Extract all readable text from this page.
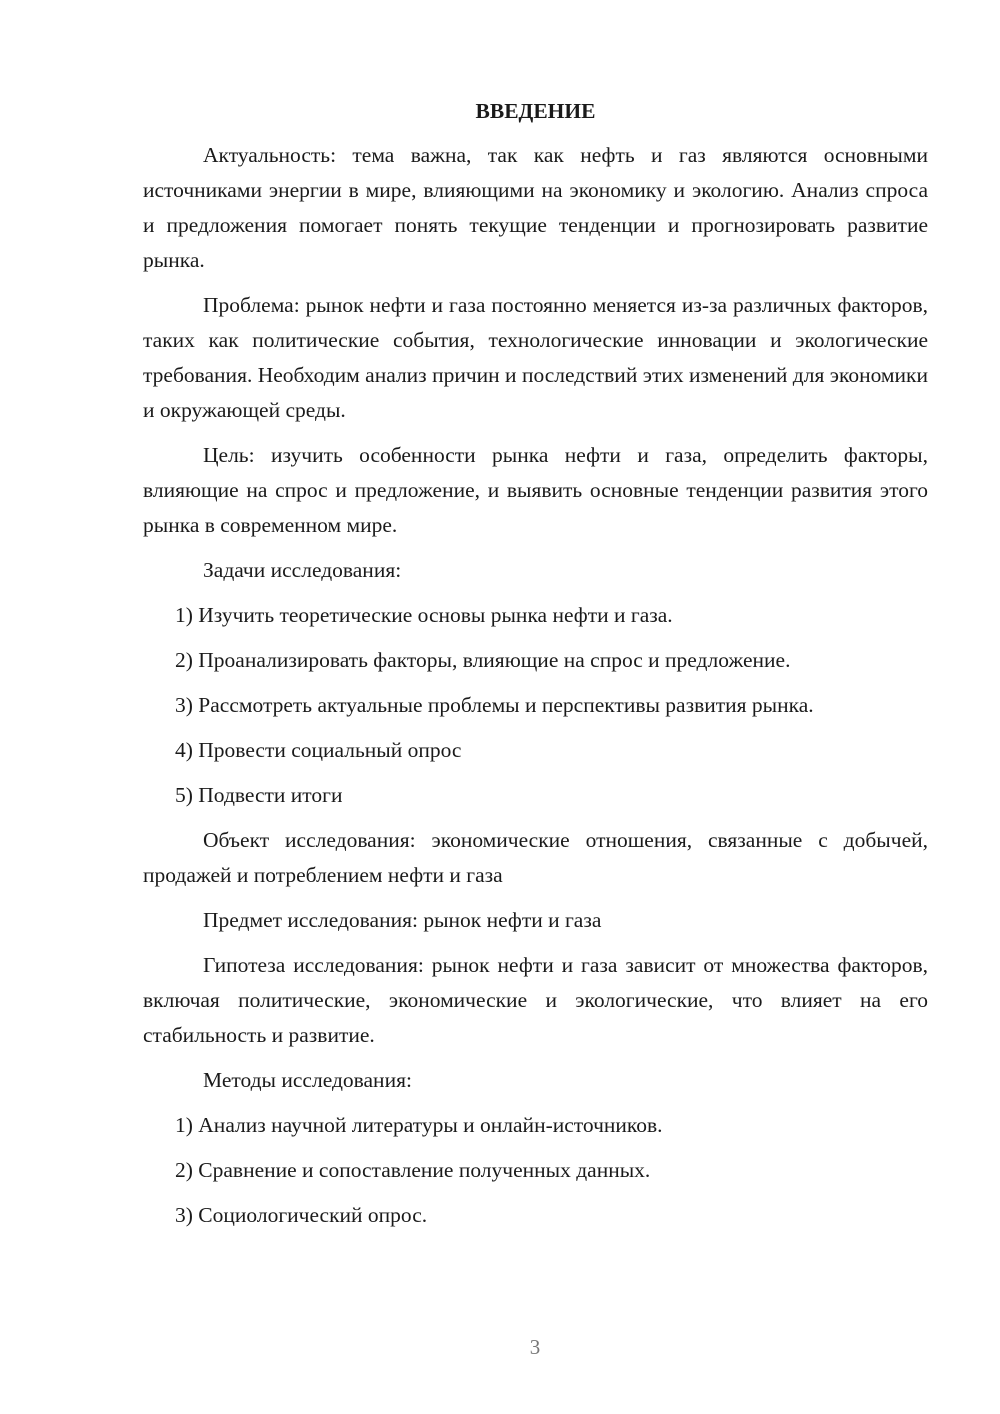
ВВЕДЕНИЕ

Актуальность: тема важна, так как нефть и газ являются основными источниками энергии в мире, влияющими на экономику и экологию. Анализ спроса и предложения помогает понять текущие тенденции и прогнозировать развитие рынка.

Проблема: рынок нефти и газа постоянно меняется из-за различных факторов, таких как политические события, технологические инновации и экологические требования. Необходим анализ причин и последствий этих изменений для экономики и окружающей среды.

Цель: изучить особенности рынка нефти и газа, определить факторы, влияющие на спрос и предложение, и выявить основные тенденции развития этого рынка в современном мире.

Задачи исследования:

1) Изучить теоретические основы рынка нефти и газа.

2) Проанализировать факторы, влияющие на спрос и предложение.

3) Рассмотреть актуальные проблемы и перспективы развития рынка.

4) Провести социальный опрос

5) Подвести итоги

Объект исследования: экономические отношения, связанные с добычей, продажей и потреблением нефти и газа

Предмет исследования: рынок нефти и газа

Гипотеза исследования: рынок нефти и газа зависит от множества факторов, включая политические, экономические и экологические, что влияет на его стабильность и развитие.

Методы исследования:

1) Анализ научной литературы и онлайн-источников.

2) Сравнение и сопоставление полученных данных.

3) Социологический опрос.

3
